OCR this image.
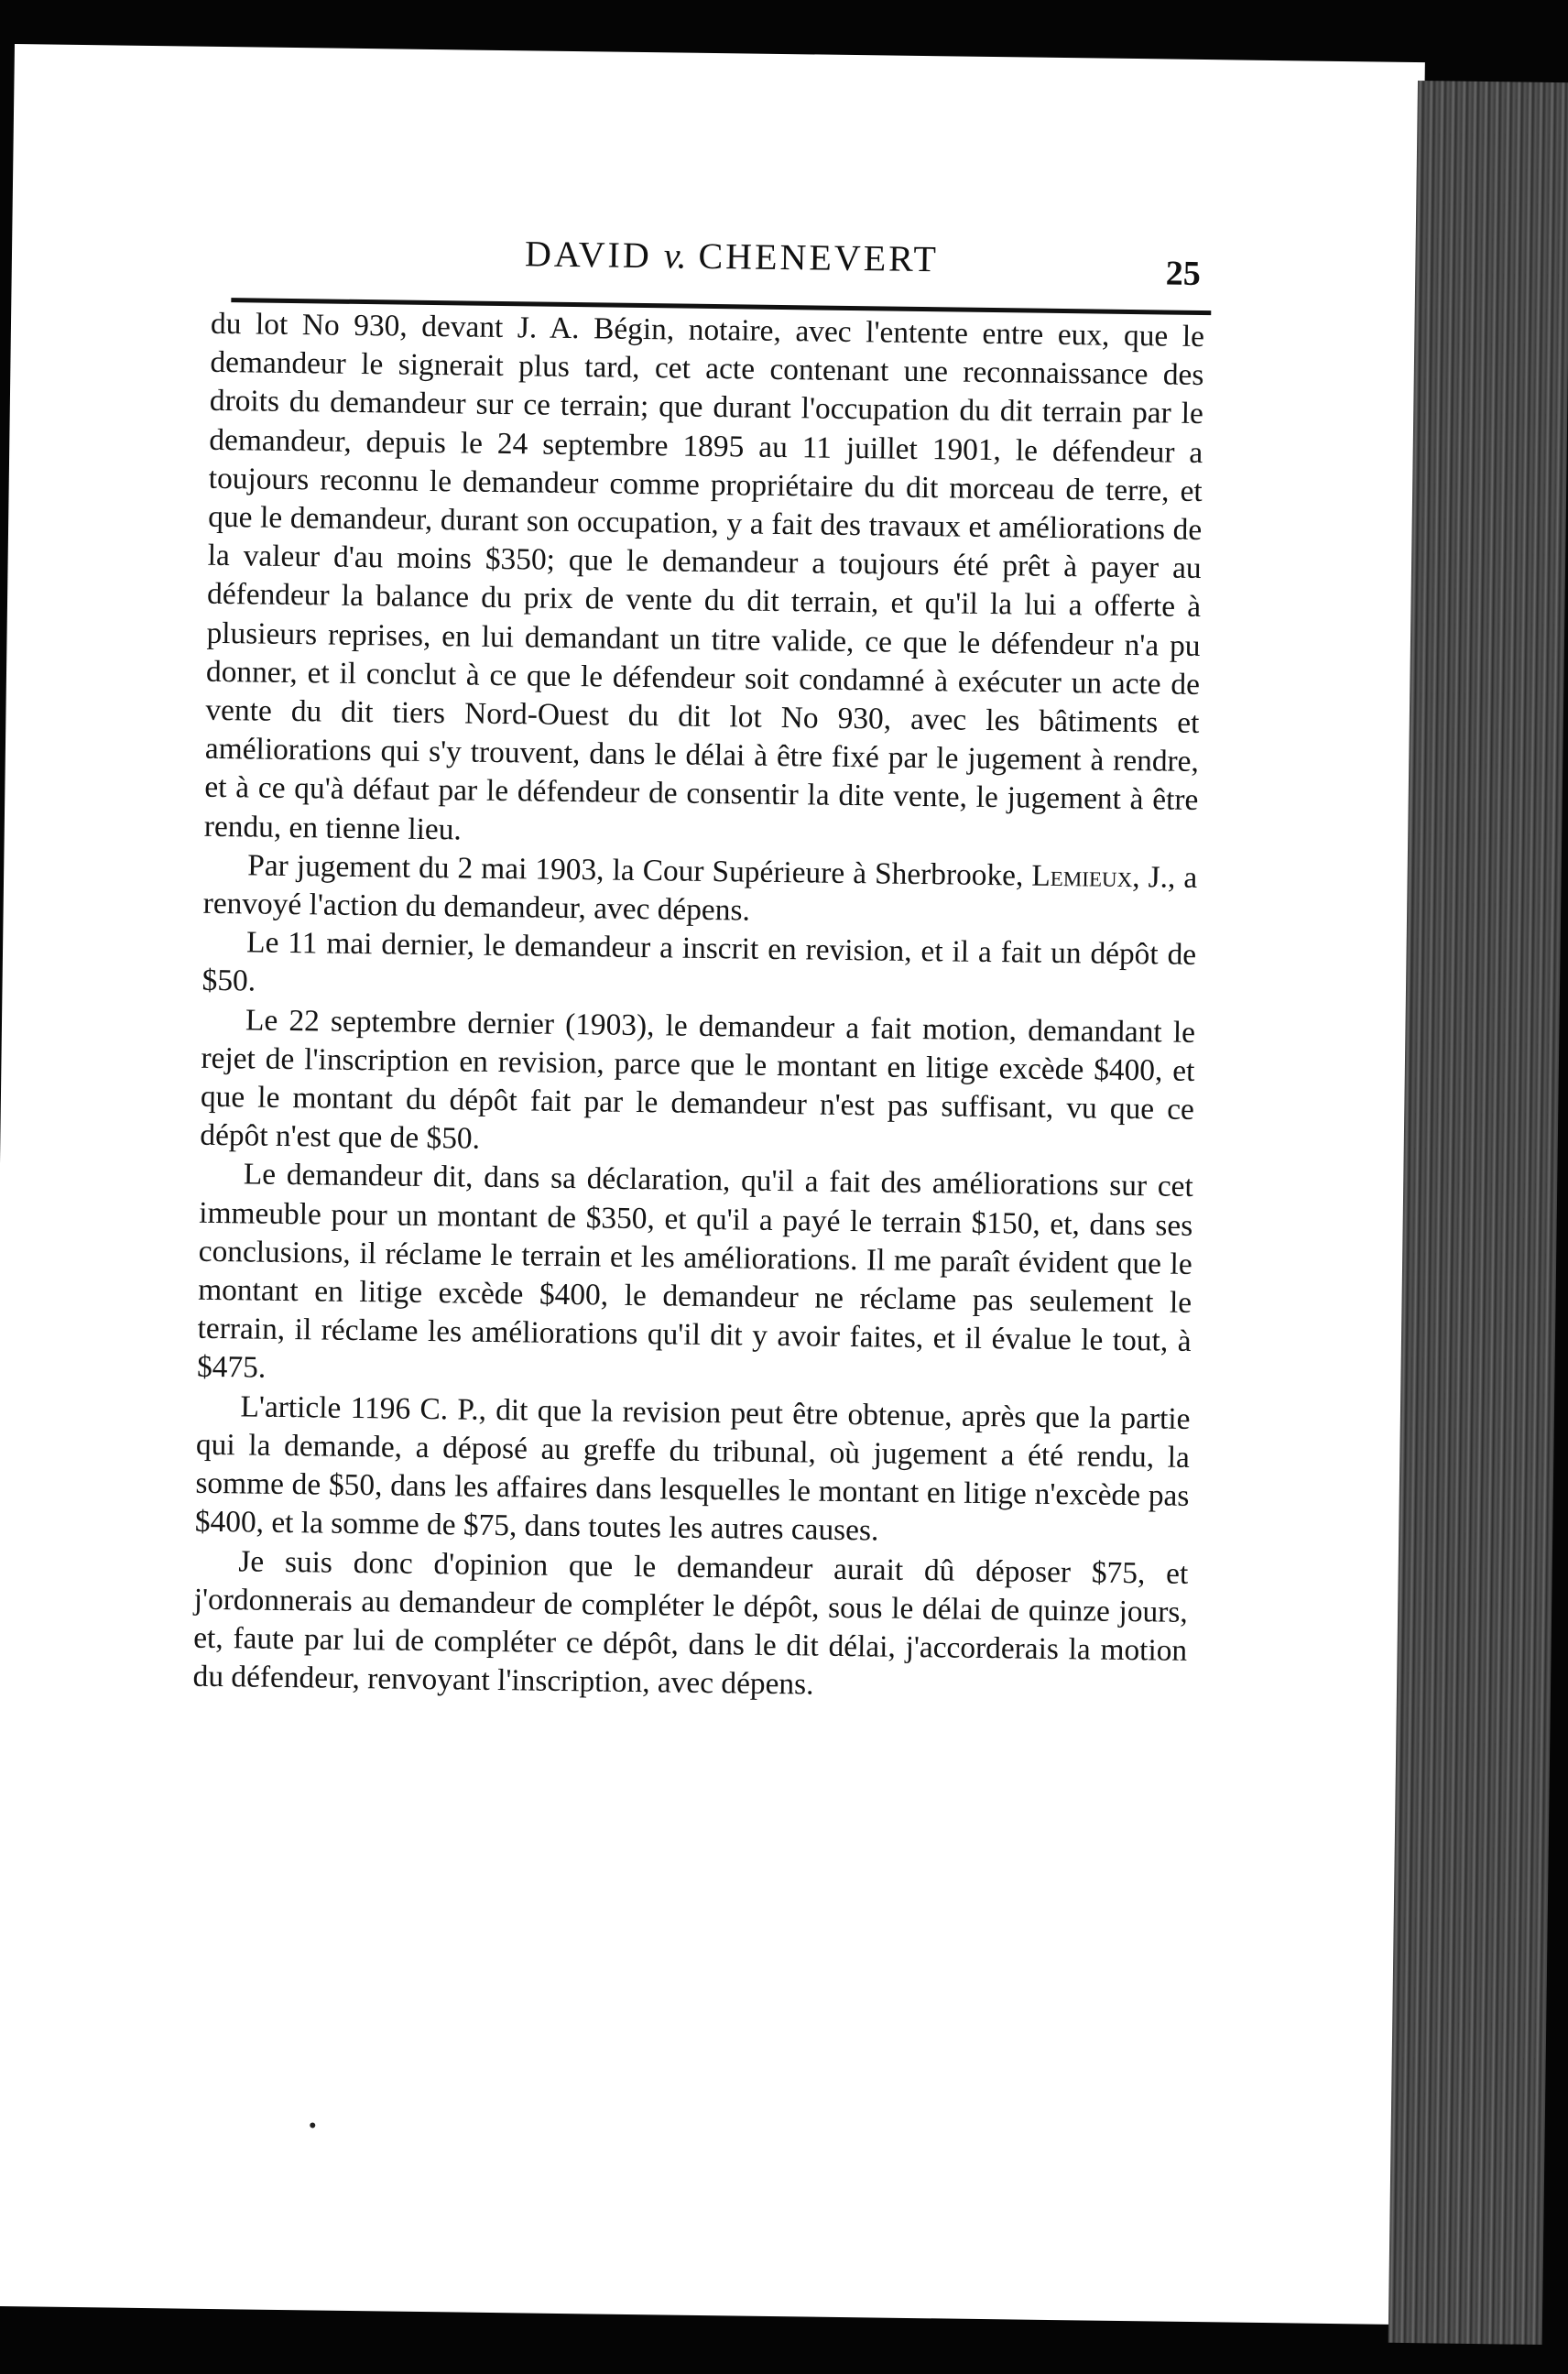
DAVID v. CHENEVERT	25

du lot No 930, devant J. A. Bégin, notaire, avec l'entente entre eux, que le demandeur le signerait plus tard, cet acte contenant une reconnaissance des droits du demandeur sur ce terrain; que durant l'occupation du dit terrain par le demandeur, depuis le 24 septembre 1895 au 11 juillet 1901, le défendeur a toujours reconnu le demandeur comme propriétaire du dit morceau de terre, et que le demandeur, durant son occupation, y a fait des travaux et améliorations de la valeur d'au moins $350; que le demandeur a toujours été prêt à payer au défendeur la balance du prix de vente du dit terrain, et qu'il la lui a offerte à plusieurs reprises, en lui demandant un titre valide, ce que le défendeur n'a pu donner, et il conclut à ce que le défendeur soit condamné à exécuter un acte de vente du dit tiers Nord-Ouest du dit lot No 930, avec les bâtiments et améliorations qui s'y trouvent, dans le délai à être fixé par le jugement à rendre, et à ce qu'à défaut par le défendeur de consentir la dite vente, le jugement à être rendu, en tienne lieu.

Par jugement du 2 mai 1903, la Cour Supérieure à Sherbrooke, Lemieux, J., a renvoyé l'action du demandeur, avec dépens.

Le 11 mai dernier, le demandeur a inscrit en revision, et il a fait un dépôt de $50.

Le 22 septembre dernier (1903), le demandeur a fait motion, demandant le rejet de l'inscription en revision, parce que le montant en litige excède $400, et que le montant du dépôt fait par le demandeur n'est pas suffisant, vu que ce dépôt n'est que de $50.

Le demandeur dit, dans sa déclaration, qu'il a fait des améliorations sur cet immeuble pour un montant de $350, et qu'il a payé le terrain $150, et, dans ses conclusions, il réclame le terrain et les améliorations. Il me paraît évident que le montant en litige excède $400, le demandeur ne réclame pas seulement le terrain, il réclame les améliorations qu'il dit y avoir faites, et il évalue le tout, à $475.

L'article 1196 C. P., dit que la revision peut être obtenue, après que la partie qui la demande, a déposé au greffe du tribunal, où jugement a été rendu, la somme de $50, dans les affaires dans lesquelles le montant en litige n'excède pas $400, et la somme de $75, dans toutes les autres causes.

Je suis donc d'opinion que le demandeur aurait dû déposer $75, et j'ordonnerais au demandeur de compléter le dépôt, sous le délai de quinze jours, et, faute par lui de compléter ce dépôt, dans le dit délai, j'accorderais la motion du défendeur, renvoyant l'inscription, avec dépens.
